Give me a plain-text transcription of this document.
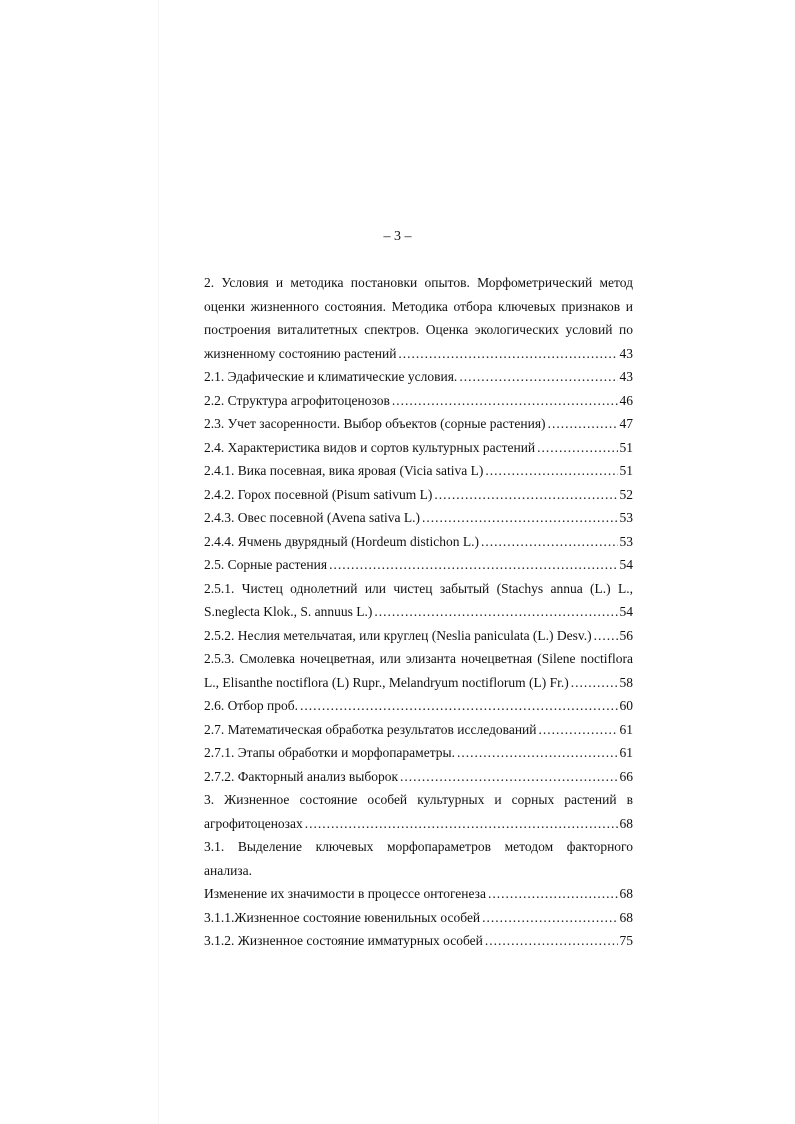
– 3 –
2. Условия и методика постановки опытов. Морфометрический метод
оценки жизненного состояния. Методика отбора ключевых признаков и
построения виталитетных спектров. Оценка экологических условий по
жизненному состоянию растений .....	43
2.1. Эдафические и климатические условия. .....	43
2.2. Структура агрофитоценозов .....	46
2.3. Учет засоренности. Выбор объектов (сорные растения) .....	47
2.4. Характеристика видов и сортов культурных растений .....	51
2.4.1. Вика посевная, вика яровая (Vicia sativa L) .....	51
2.4.2. Горох посевной (Pisum sativum L) .....	52
2.4.3. Овес посевной (Avena sativa L.) .....	53
2.4.4. Ячмень двурядный (Hordeum distichon L.) .....	53
2.5. Сорные растения .....	54
2.5.1. Чистец однолетний или чистец забытый (Stachys annua (L.) L.,
S.neglecta Klok., S. annuus L.) .....	54
2.5.2. Неслия метельчатая, или круглец (Neslia paniculata (L.) Desv.) ..... 56
2.5.3. Смолевка ночецветная, или элизанта ночецветная (Silene noctiflora
L., Elisanthe noctiflora (L) Rupr., Melandryum noctiflorum (L) Fr.) .....	58
2.6. Отбор проб. .....	60
2.7. Математическая обработка результатов исследований .....	61
2.7.1. Этапы обработки и морфопараметры. .....	61
2.7.2. Факторный анализ выборок .....	66
3. Жизненное состояние особей культурных и сорных растений в
агрофитоценозах .....	68
3.1. Выделение ключевых морфопараметров методом факторного анализа.
Изменение их значимости в процессе онтогенеза .....	68
3.1.1.Жизненное состояние ювенильных особей .....	68
3.1.2. Жизненное состояние имматурных особей .....	75
